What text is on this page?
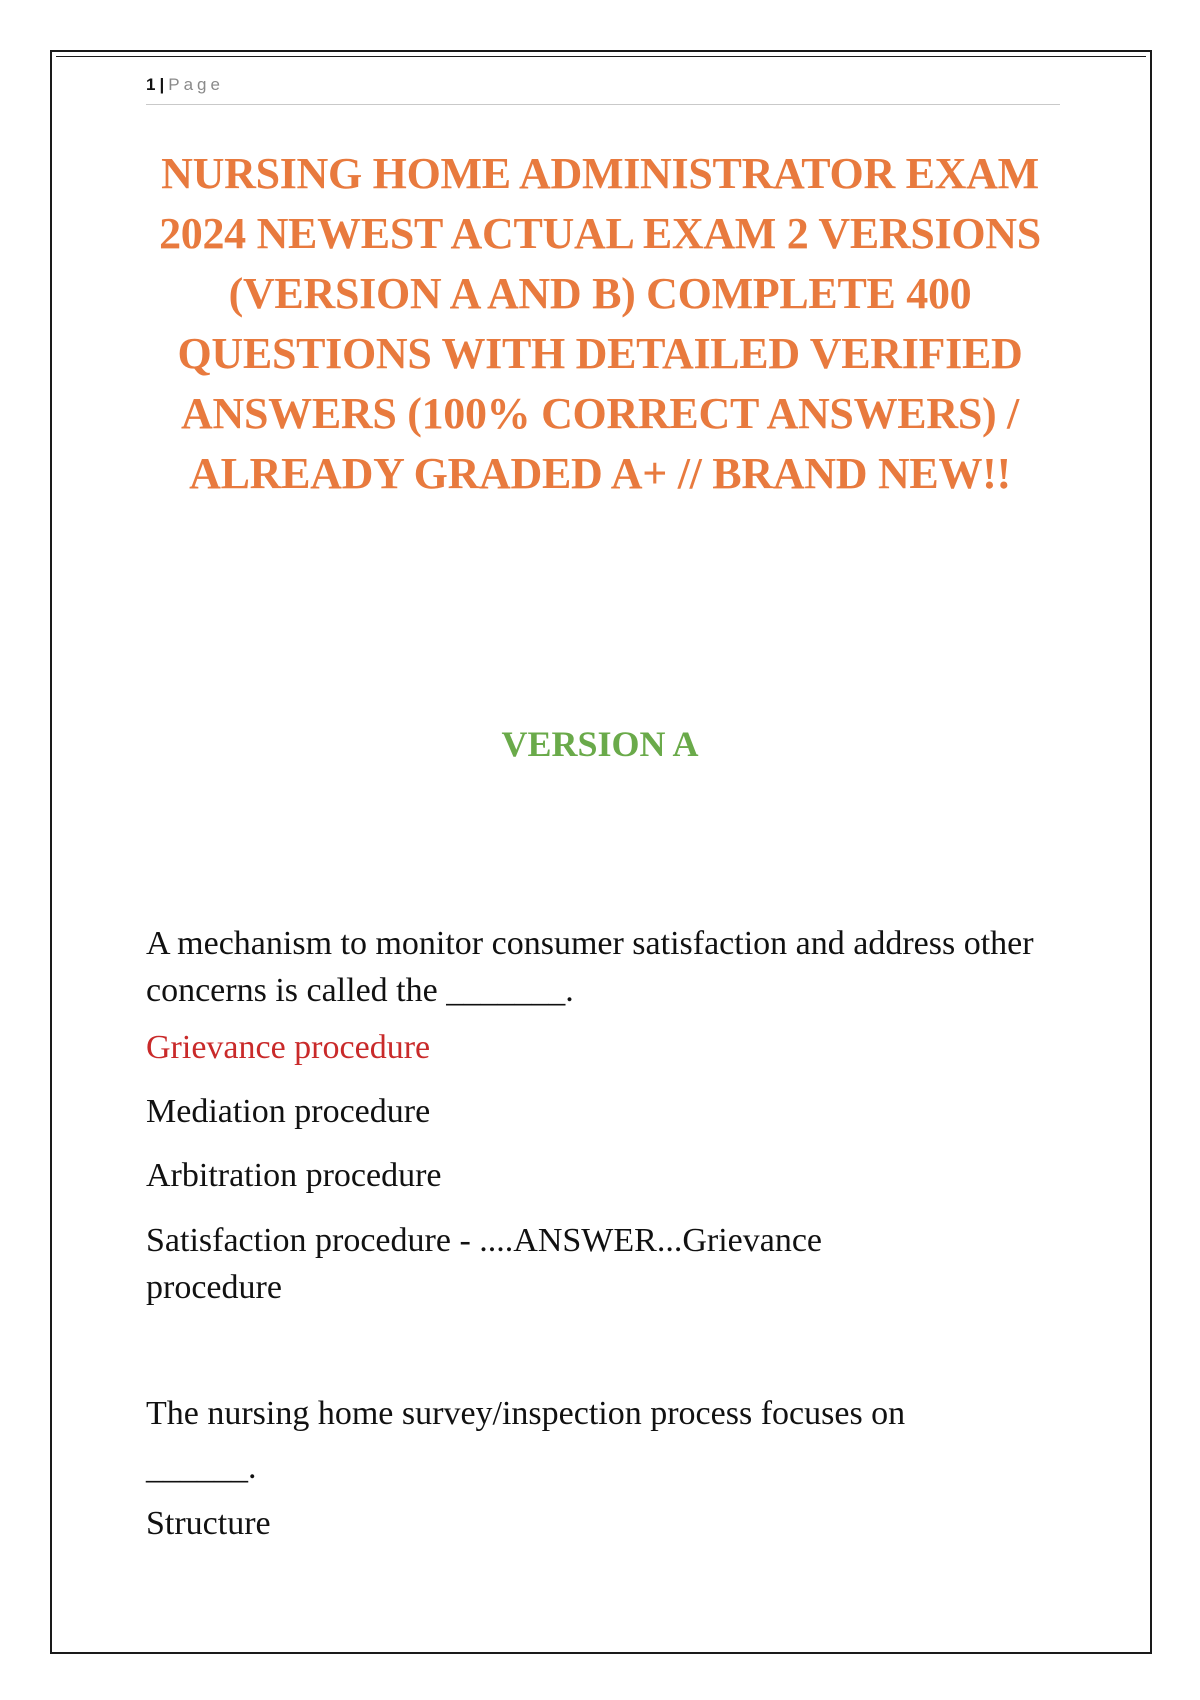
1 | Page
NURSING HOME ADMINISTRATOR EXAM 2024 NEWEST ACTUAL EXAM 2 VERSIONS (VERSION A AND B) COMPLETE 400 QUESTIONS WITH DETAILED VERIFIED ANSWERS (100% CORRECT ANSWERS) / ALREADY GRADED A+ // BRAND NEW!!
VERSION A

A mechanism to monitor consumer satisfaction and address other concerns is called the _______.

Grievance procedure

Mediation procedure

Arbitration procedure

Satisfaction procedure - ....ANSWER...Grievance procedure

The nursing home survey/inspection process focuses on

______.

Structure
